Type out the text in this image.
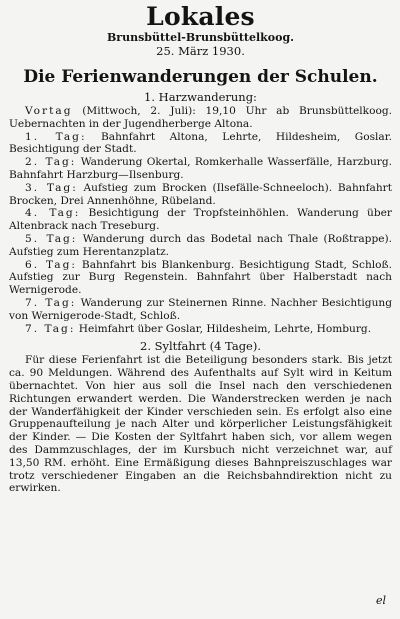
Lokales
Brunsbüttel-Brunsbüttelkoog.
25. März 1930.
Die Ferienwanderungen der Schulen.
1. Harzwanderung:

Vortag (Mittwoch, 2. Juli): 19,10 Uhr ab Brunsbüttelkoog. Uebernachten in der Jugendherberge Altona.

1. Tag: Bahnfahrt Altona, Lehrte, Hildesheim, Goslar. Besichtigung der Stadt.

2. Tag: Wanderung Okertal, Romkerhalle Wasserfälle, Harzburg. Bahnfahrt Harzburg—Ilsenburg.

3. Tag: Aufstieg zum Brocken (Ilsefälle-Schneeloch). Bahnfahrt Brocken, Drei Annenhöhne, Rübeland.

4. Tag: Besichtigung der Tropfsteinhöhlen. Wanderung über Altenbrack nach Treseburg.

5. Tag: Wanderung durch das Bodetal nach Thale (Roßtrappe). Aufstieg zum Herentanzplatz.

6. Tag: Bahnfahrt bis Blankenburg. Besichtigung Stadt, Schloß. Aufstieg zur Burg Regenstein. Bahnfahrt über Halberstadt nach Wernigerode.

7. Tag: Wanderung zur Steinernen Rinne. Nachher Besichtigung von Wernigerode-Stadt, Schloß.

7. Tag: Heimfahrt über Goslar, Hildesheim, Lehrte, Homburg.

2. Syltfahrt (4 Tage).

Für diese Ferienfahrt ist die Beteiligung besonders stark. Bis jetzt ca. 90 Meldungen. Während des Aufenthalts auf Sylt wird in Keitum übernachtet. Von hier aus soll die Insel nach den verschiedenen Richtungen erwandert werden. Die Wanderstrecken werden je nach der Wanderfähigkeit der Kinder verschieden sein. Es erfolgt also eine Gruppenaufteilung je nach Alter und körperlicher Leistungsfähigkeit der Kinder. — Die Kosten der Syltfahrt haben sich, vor allem wegen des Dammzuschlages, der im Kursbuch nicht verzeichnet war, auf 13,50 RM. erhöht. Eine Ermäßigung dieses Bahnpreiszuschlages war trotz verschiedener Eingaben an die Reichsbahndirektion nicht zu erwirken.

el
